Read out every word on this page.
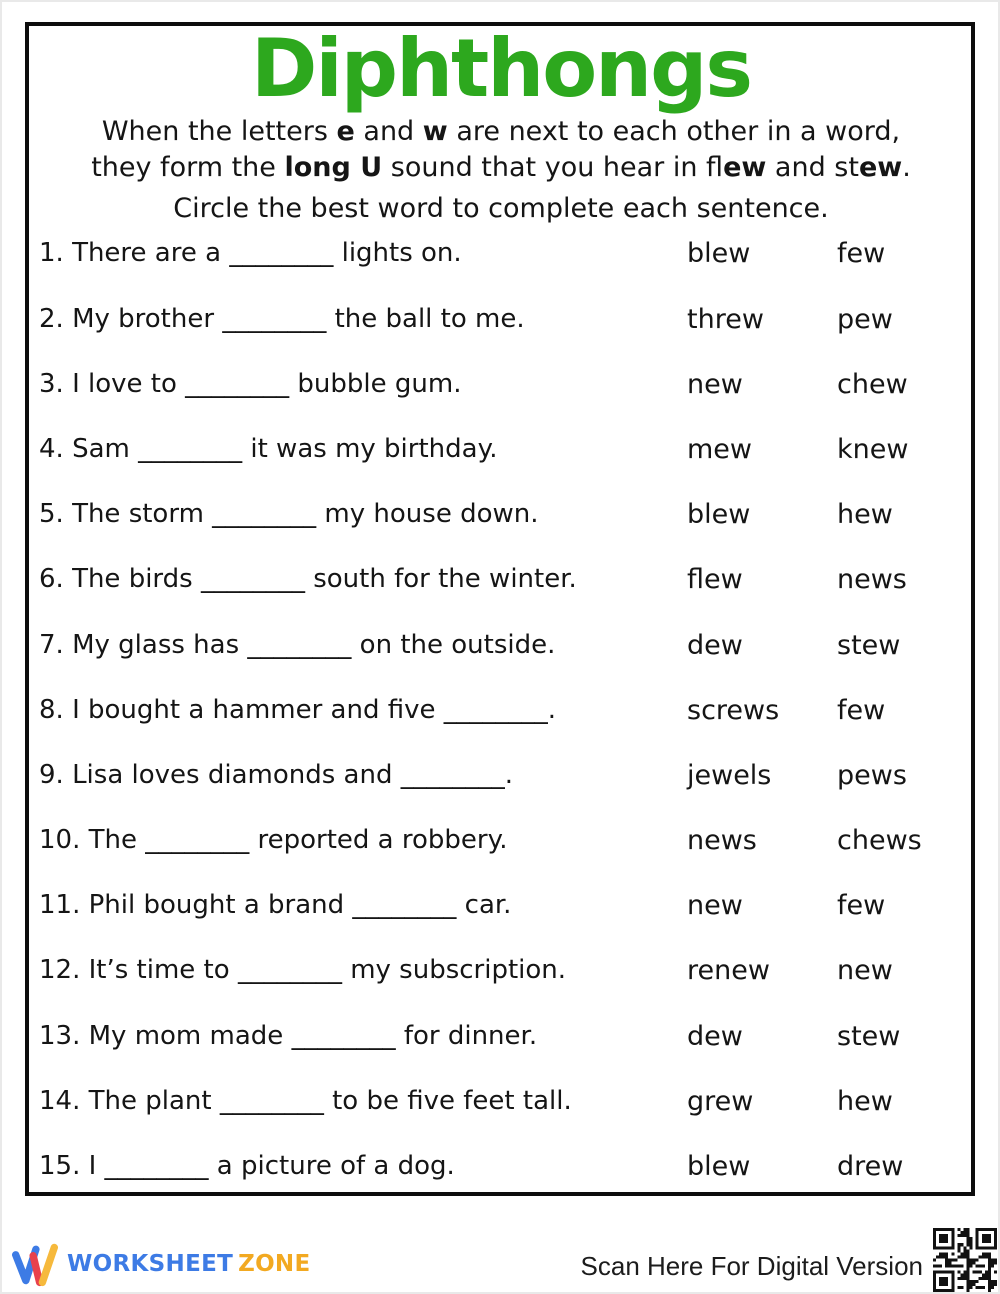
Diphthongs
When the letters e and w are next to each other in a word,
they form the long U sound that you hear in flew and stew.
Circle the best word to complete each sentence.
1. There are a ________ lights on.	blew	few
2. My brother ________ the ball to me.	threw	pew
3. I love to ________ bubble gum.	new	chew
4. Sam ________ it was my birthday.	mew	knew
5. The storm ________ my house down.	blew	hew
6. The birds ________ south for the winter.	flew	news
7. My glass has ________ on the outside.	dew	stew
8. I bought a hammer and five ________.	screws	few
9. Lisa loves diamonds and ________.	jewels	pews
10. The ________ reported a robbery.	news	chews
11. Phil bought a brand ________ car.	new	few
12. It’s time to ________ my subscription.	renew	new
13. My mom made ________ for dinner.	dew	stew
14. The plant ________ to be five feet tall.	grew	hew
15. I ________ a picture of a dog.	blew	drew
WORKSHEET ZONE	Scan Here For Digital Version
